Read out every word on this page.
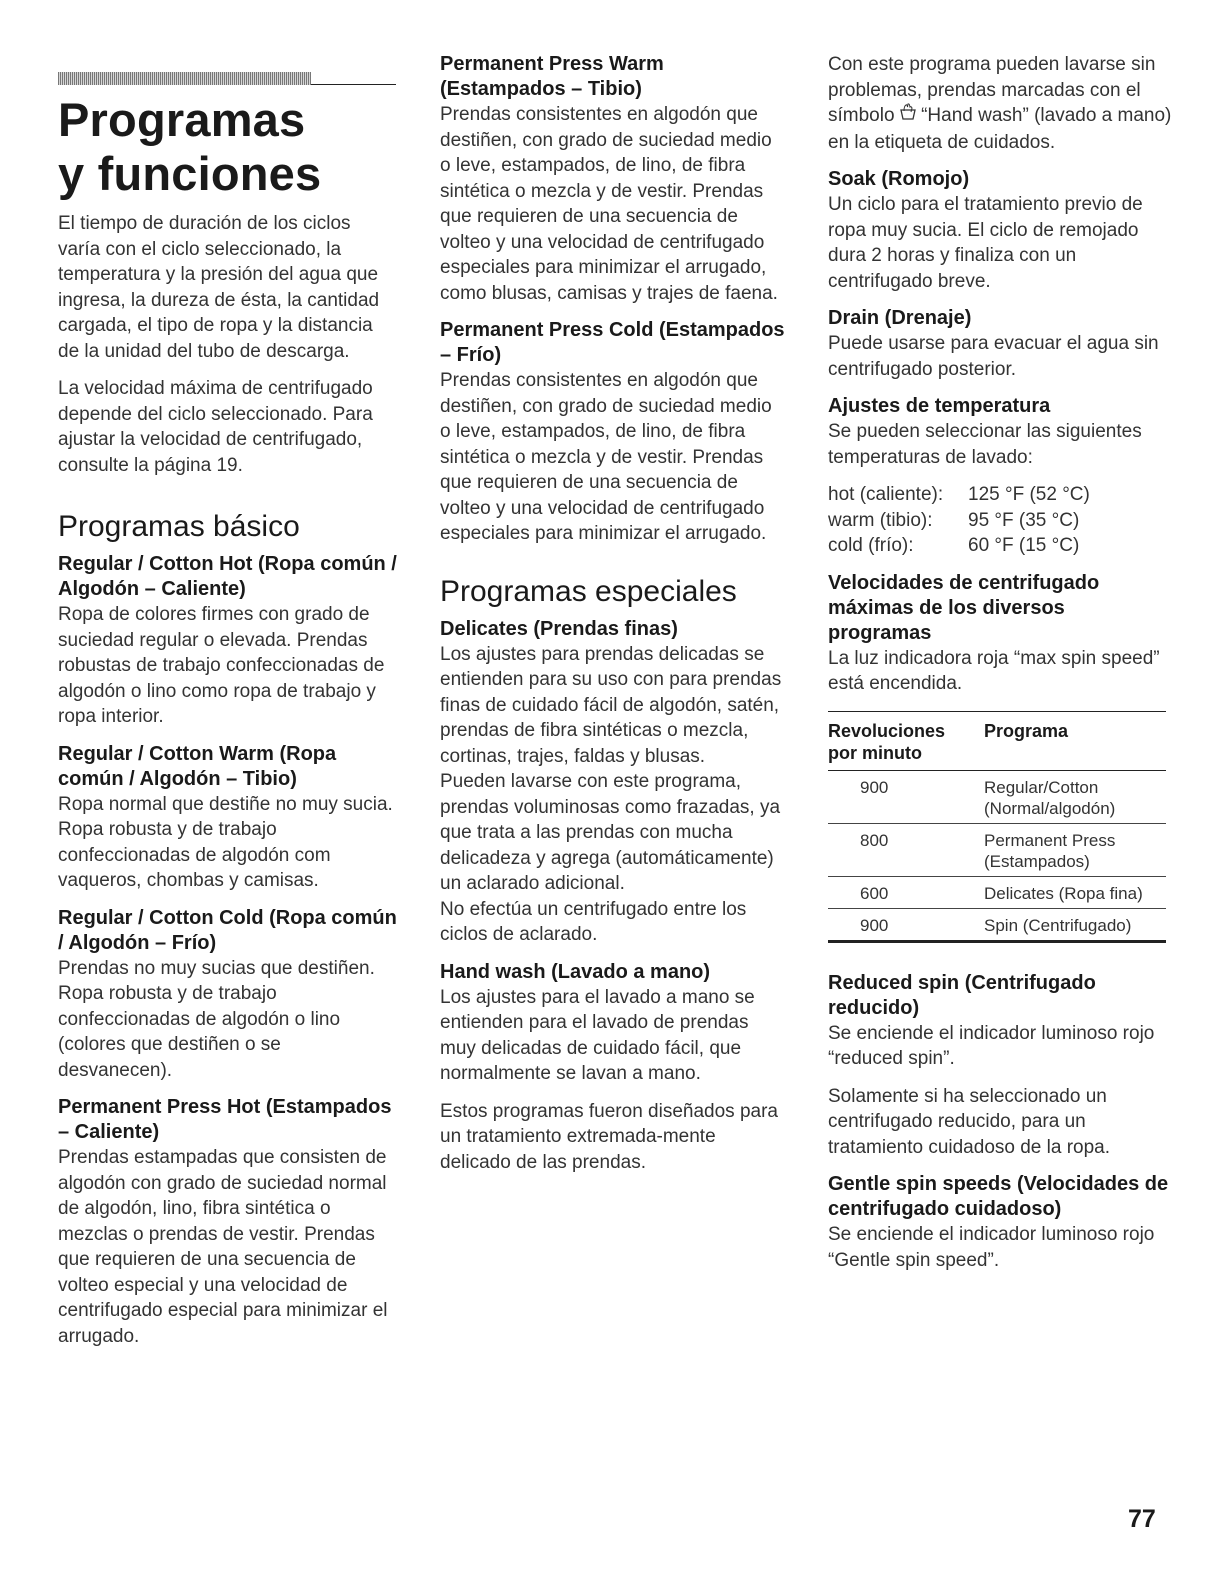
Programas
y funciones

El tiempo de duración de los ciclos varía con el ciclo seleccionado, la temperatura y la presión del agua que ingresa, la dureza de ésta, la cantidad cargada, el tipo de ropa y la distancia de la unidad del tubo de descarga.

La velocidad máxima de centrifugado depende del ciclo seleccionado. Para ajustar la velocidad de centrifugado, consulte la página 19.

Programas básico
Regular / Cotton Hot (Ropa común / Algodón – Caliente)

Ropa de colores firmes con grado de suciedad regular o elevada. Prendas robustas de trabajo confeccionadas de algodón o lino como ropa de trabajo y ropa interior.

Regular / Cotton Warm (Ropa común / Algodón – Tibio)

Ropa normal que destiñe no muy sucia. Ropa robusta y de trabajo confeccionadas de algodón com vaqueros, chombas y camisas.

Regular / Cotton Cold (Ropa común / Algodón – Frío)

Prendas no muy sucias que destiñen. Ropa robusta y de trabajo confeccionadas de algodón o lino (colores que destiñen o se desvanecen).

Permanent Press Hot (Estampados – Caliente)

Prendas estampadas que consisten de algodón con grado de suciedad normal de algodón, lino, fibra sintética o mezclas o prendas de vestir. Prendas que requieren de una secuencia de volteo especial y una velocidad de centrifugado especial para minimizar el arrugado.

Permanent Press Warm (Estampados – Tibio)

Prendas consistentes en algodón que destiñen, con grado de suciedad medio o leve, estampados, de lino, de fibra sintética o mezcla y de vestir. Prendas que requieren de una secuencia de volteo y una velocidad de centrifugado especiales para minimizar el arrugado, como blusas, camisas y trajes de faena.

Permanent Press Cold (Estampados – Frío)

Prendas consistentes en algodón que destiñen, con grado de suciedad medio o leve, estampados, de lino, de fibra sintética o mezcla y de vestir. Prendas que requieren de una secuencia de volteo y una velocidad de centrifugado especiales para minimizar el arrugado.

Programas especiales
Delicates (Prendas finas)

Los ajustes para prendas delicadas se entienden para su uso con para prendas finas de cuidado fácil de algodón, satén, prendas de fibra sintéticas o mezcla, cortinas, trajes, faldas y blusas.

Pueden lavarse con este programa, prendas voluminosas como frazadas, ya que trata a las prendas con mucha delicadeza y agrega (automáticamente) un aclarado adicional.

No efectúa un centrifugado entre los ciclos de aclarado.

Hand wash (Lavado a mano)

Los ajustes para el lavado a mano se entienden para el lavado de prendas muy delicadas de cuidado fácil, que normalmente se lavan a mano.

Estos programas fueron diseñados para un tratamiento extremada-mente delicado de las prendas.

Con este programa pueden lavarse sin problemas, prendas marcadas con el símbolo “Hand wash” (lavado a mano) en la etiqueta de cuidados.

Soak (Romojo)

Un ciclo para el tratamiento previo de ropa muy sucia. El ciclo de remojado dura 2 horas y finaliza con un centrifugado breve.

Drain (Drenaje)

Puede usarse para evacuar el agua sin centrifugado posterior.

Ajustes de temperatura

Se pueden seleccionar las siguientes temperaturas de lavado:

hot (caliente):	125 °F (52 °C)
warm (tibio):	95 °F (35 °C)
cold (frío):	60 °F (15 °C)
Velocidades de centrifugado máximas de los diversos programas

La luz indicadora roja “max spin speed” está encendida.

Revoluciones por minuto	Programa
900	Regular/Cotton (Normal/algodón)
800	Permanent Press (Estampados)
600	Delicates (Ropa fina)
900	Spin (Centrifugado)
Reduced spin (Centrifugado reducido)

Se enciende el indicador luminoso rojo “reduced spin”.

Solamente si ha seleccionado un centrifugado reducido, para un tratamiento cuidadoso de la ropa.

Gentle spin speeds (Velocidades de centrifugado cuidadoso)

Se enciende el indicador luminoso rojo “Gentle spin speed”.

77
